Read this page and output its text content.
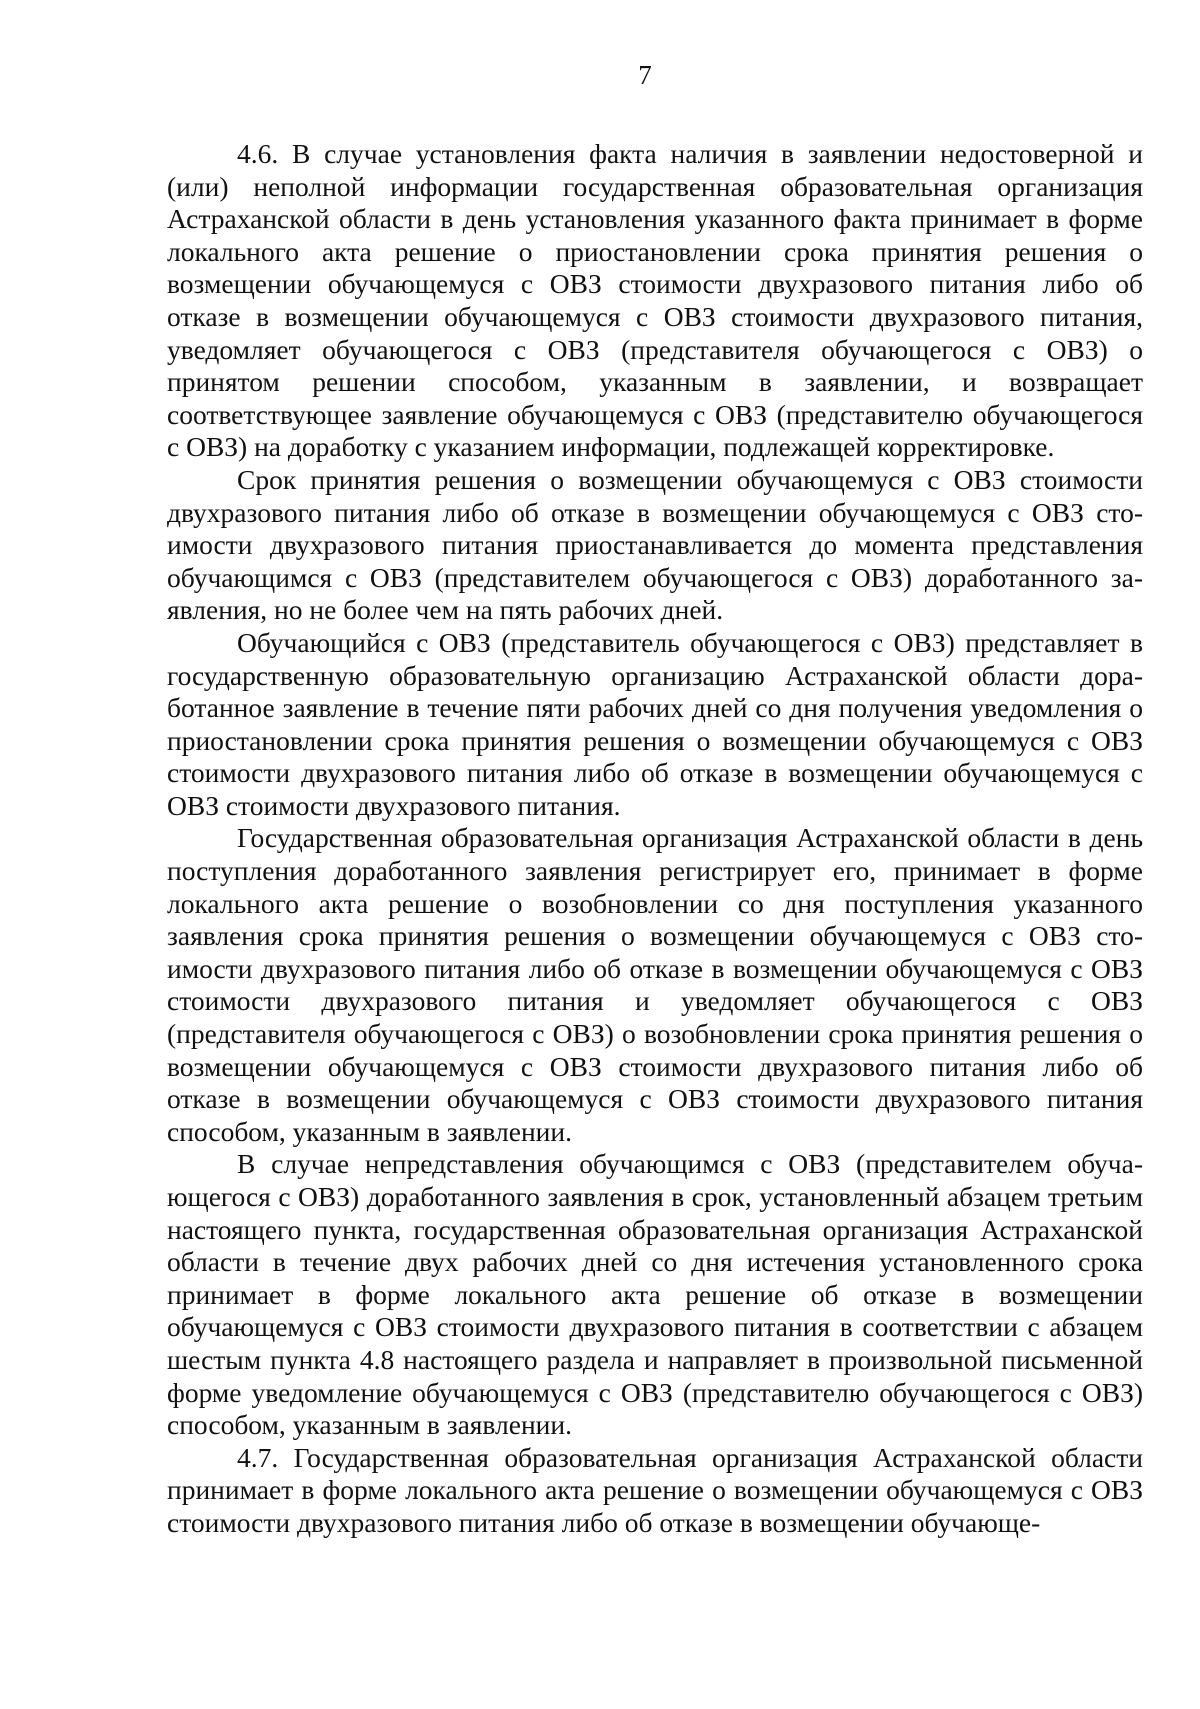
7

4.6. В случае установления факта наличия в заявлении недостоверной и (или) неполной информации государственная образовательная организация Астраханской области в день установления указанного факта принимает в форме локального акта решение о приостановлении срока принятия решения о возмещении обучающемуся с ОВЗ стоимости двухразового питания либо об отказе в возмещении обучающемуся с ОВЗ стоимости двухразового питания, уведомляет обучающегося с ОВЗ (представителя обучающегося с ОВЗ) о принятом решении способом, указанным в заявлении, и возвращает соответствующее заявление обучающемуся с ОВЗ (представителю обучающегося с ОВЗ) на доработку с указанием информации, подлежащей корректировке.

Срок принятия решения о возмещении обучающемуся с ОВЗ стоимости двухразового питания либо об отказе в возмещении обучающемуся с ОВЗ стоимости двухразового питания приостанавливается до момента представления обучающимся с ОВЗ (представителем обучающегося с ОВЗ) доработанного заявления, но не более чем на пять рабочих дней.

Обучающийся с ОВЗ (представитель обучающегося с ОВЗ) представляет в государственную образовательную организацию Астраханской области доработанное заявление в течение пяти рабочих дней со дня получения уведомления о приостановлении срока принятия решения о возмещении обучающемуся с ОВЗ стоимости двухразового питания либо об отказе в возмещении обучающемуся с ОВЗ стоимости двухразового питания.

Государственная образовательная организация Астраханской области в день поступления доработанного заявления регистрирует его, принимает в форме локального акта решение о возобновлении со дня поступления указанного заявления срока принятия решения о возмещении обучающемуся с ОВЗ стоимости двухразового питания либо об отказе в возмещении обучающемуся с ОВЗ стоимости двухразового питания и уведомляет обучающегося с ОВЗ (представителя обучающегося с ОВЗ) о возобновлении срока принятия решения о возмещении обучающемуся с ОВЗ стоимости двухразового питания либо об отказе в возмещении обучающемуся с ОВЗ стоимости двухразового питания способом, указанным в заявлении.

В случае непредставления обучающимся с ОВЗ (представителем обучающегося с ОВЗ) доработанного заявления в срок, установленный абзацем третьим настоящего пункта, государственная образовательная организация Астраханской области в течение двух рабочих дней со дня истечения установленного срока принимает в форме локального акта решение об отказе в возмещении обучающемуся с ОВЗ стоимости двухразового питания в соответствии с абзацем шестым пункта 4.8 настоящего раздела и направляет в произвольной письменной форме уведомление обучающемуся с ОВЗ (представителю обучающегося с ОВЗ) способом, указанным в заявлении.

4.7. Государственная образовательная организация Астраханской области принимает в форме локального акта решение о возмещении обучающемуся с ОВЗ стоимости двухразового питания либо об отказе в возмещении обучающе-
